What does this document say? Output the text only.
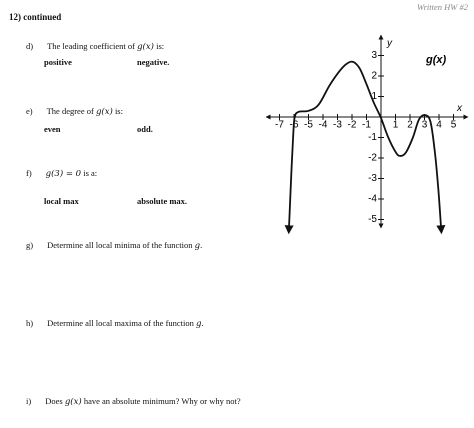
Written HW #2
12) continued
d) The leading coefficient of g(x) is:
positive	negative.
e) The degree of g(x) is:
even	odd.
f) g(3) = 0 is a:
local max	absolute max.
g) Determine all local minima of the function g.
h) Determine all local maxima of the function g.
i) Does g(x) have an absolute minimum? Why or why not?
-7 -6 -5 -4 -3 -2 -1 1 2 3 4 5
3
2
1
-1
-2
-3
-4
-5
x
y
g(x)
